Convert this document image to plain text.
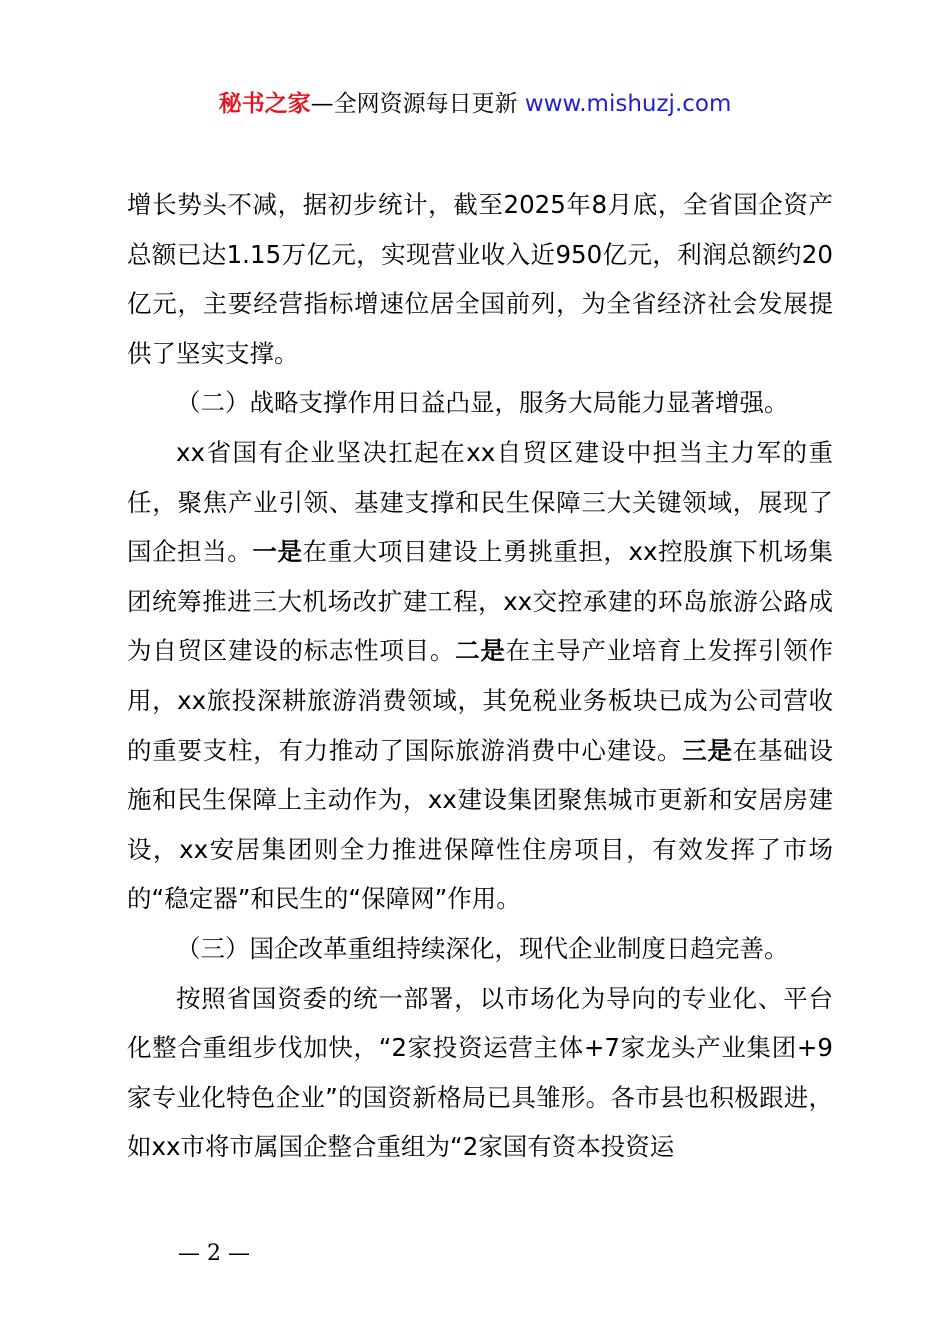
秘书之家—全网资源每日更新 www.mishuzj.com

增长势头不减，据初步统计，截至2025年8月底，全省国企资产总额已达1.15万亿元，实现营业收入近950亿元，利润总额约20亿元，主要经营指标增速位居全国前列，为全省经济社会发展提供了坚实支撑。

（二）战略支撑作用日益凸显，服务大局能力显著增强。

xx省国有企业坚决扛起在xx自贸区建设中担当主力军的重任，聚焦产业引领、基建支撑和民生保障三大关键领域，展现了国企担当。一是在重大项目建设上勇挑重担，xx控股旗下机场集团统筹推进三大机场改扩建工程，xx交控承建的环岛旅游公路成为自贸区建设的标志性项目。二是在主导产业培育上发挥引领作用，xx旅投深耕旅游消费领域，其免税业务板块已成为公司营收的重要支柱，有力推动了国际旅游消费中心建设。三是在基础设施和民生保障上主动作为，xx建设集团聚焦城市更新和安居房建设，xx安居集团则全力推进保障性住房项目，有效发挥了市场的“稳定器”和民生的“保障网”作用。

（三）国企改革重组持续深化，现代企业制度日趋完善。

按照省国资委的统一部署，以市场化为导向的专业化、平台化整合重组步伐加快，“2家投资运营主体+7家龙头产业集团+9家专业化特色企业”的国资新格局已具雏形。各市县也积极跟进，如xx市将市属国企整合重组为“2家国有资本投资运

— 2 —
